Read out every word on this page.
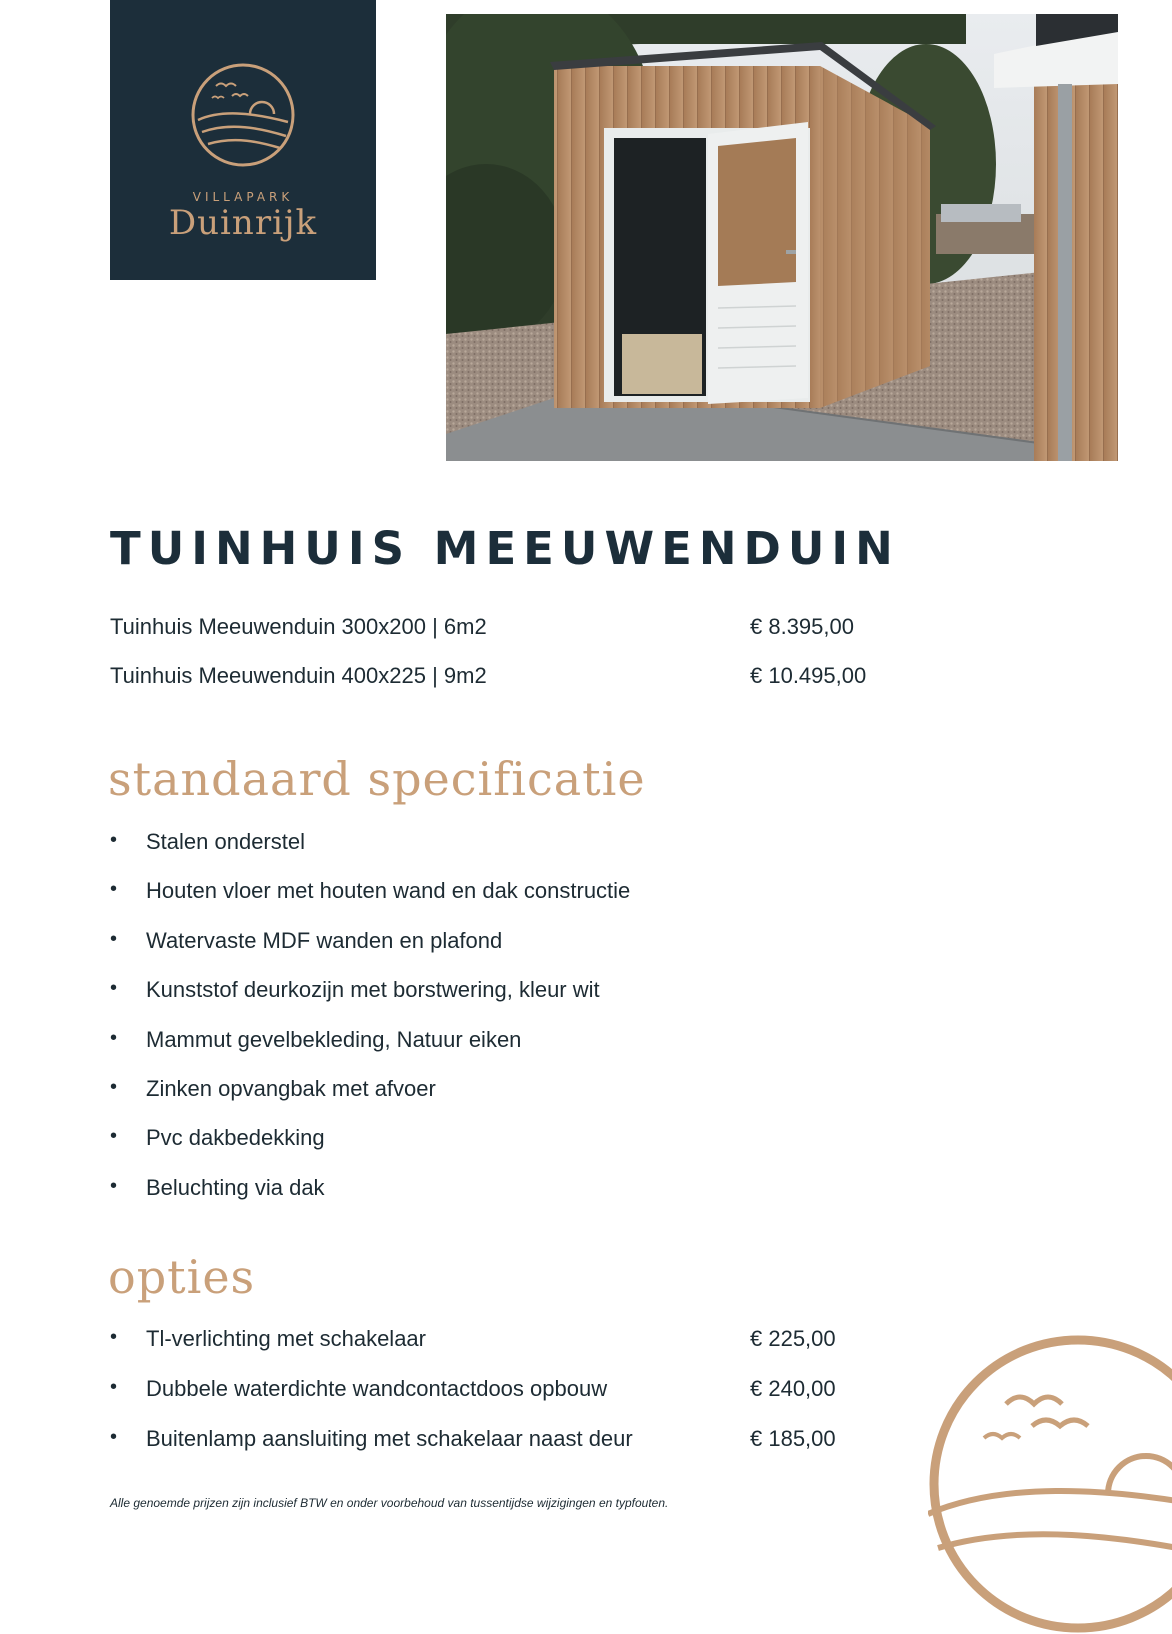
VILLAPARK
Duinrijk
TUINHUIS MEEUWENDUIN
Tuinhuis Meeuwenduin 300x200 | 6m2	€ 8.395,00
Tuinhuis Meeuwenduin 400x225 | 9m2	€ 10.495,00
standaard specificatie
• Stalen onderstel
• Houten vloer met houten wand en dak constructie
• Watervaste MDF wanden en plafond
• Kunststof deurkozijn met borstwering, kleur wit
• Mammut gevelbekleding, Natuur eiken
• Zinken opvangbak met afvoer
• Pvc dakbedekking
• Beluchting via dak
opties
• Tl-verlichting met schakelaar	€ 225,00
• Dubbele waterdichte wandcontactdoos opbouw	€ 240,00
• Buitenlamp aansluiting met schakelaar naast deur	€ 185,00
Alle genoemde prijzen zijn inclusief BTW en onder voorbehoud van tussentijdse wijzigingen en typfouten.
